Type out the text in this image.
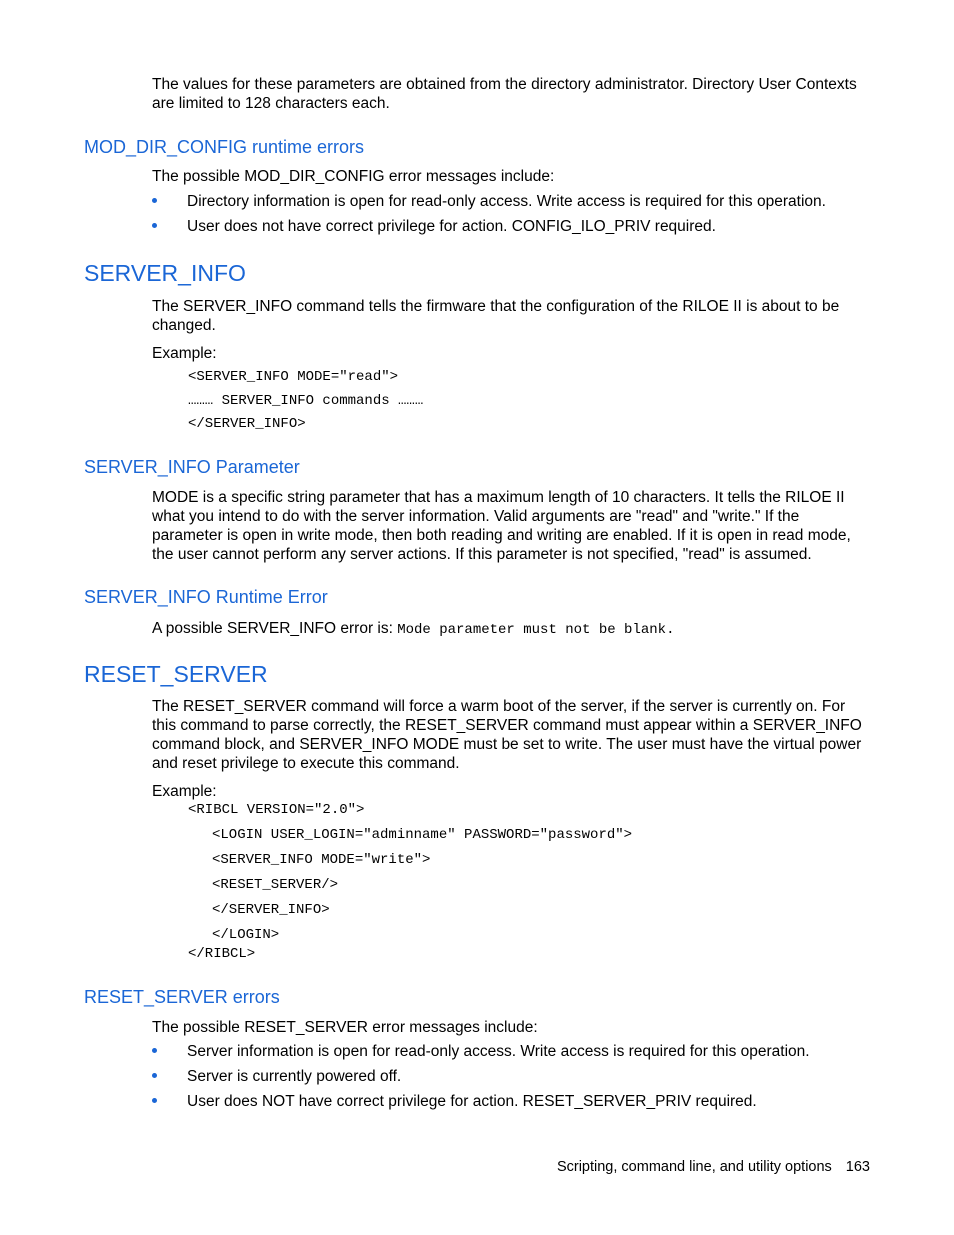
The values for these parameters are obtained from the directory administrator. Directory User Contexts are limited to 128 characters each.

MOD_DIR_CONFIG runtime errors

The possible MOD_DIR_CONFIG error messages include:

Directory information is open for read-only access. Write access is required for this operation.
User does not have correct privilege for action. CONFIG_ILO_PRIV required.
SERVER_INFO

The SERVER_INFO command tells the firmware that the configuration of the RILOE II is about to be changed.

Example:

<SERVER_INFO MODE="read">
……… SERVER_INFO commands ………
</SERVER_INFO>
SERVER_INFO Parameter

MODE is a specific string parameter that has a maximum length of 10 characters. It tells the RILOE II what you intend to do with the server information. Valid arguments are "read" and "write." If the parameter is open in write mode, then both reading and writing are enabled. If it is open in read mode, the user cannot perform any server actions. If this parameter is not specified, "read" is assumed.

SERVER_INFO Runtime Error

A possible SERVER_INFO error is: Mode parameter must not be blank.

RESET_SERVER

The RESET_SERVER command will force a warm boot of the server, if the server is currently on. For this command to parse correctly, the RESET_SERVER command must appear within a SERVER_INFO command block, and SERVER_INFO MODE must be set to write. The user must have the virtual power and reset privilege to execute this command.

Example:

<RIBCL VERSION="2.0">
<LOGIN USER_LOGIN="adminname" PASSWORD="password">
<SERVER_INFO MODE="write">
<RESET_SERVER/>
</SERVER_INFO>
</LOGIN>
</RIBCL>
RESET_SERVER errors

The possible RESET_SERVER error messages include:

Server information is open for read-only access. Write access is required for this operation.
Server is currently powered off.
User does NOT have correct privilege for action. RESET_SERVER_PRIV required.
Scripting, command line, and utility options 163
